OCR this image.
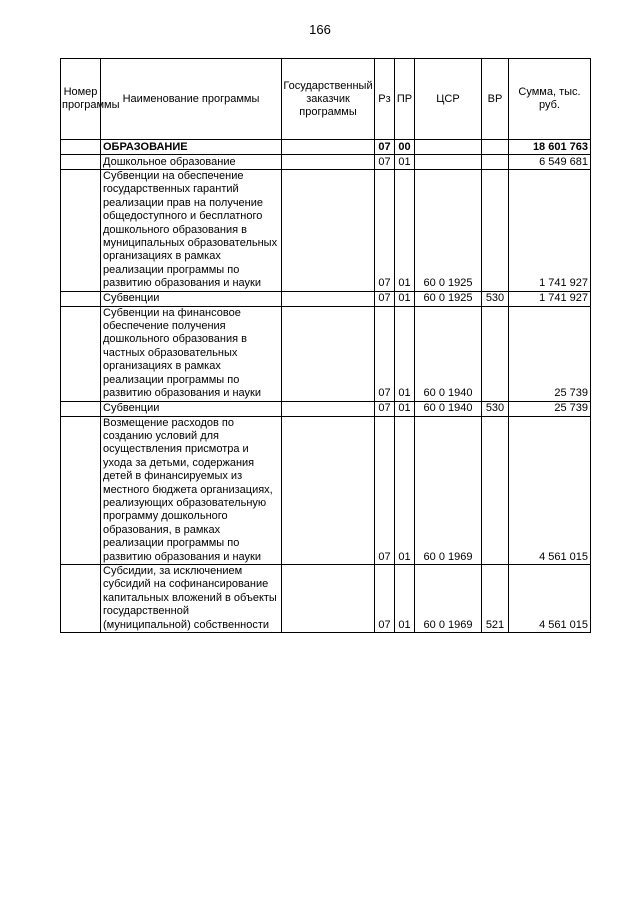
166
Номер программы	Наименование программы	Государственный заказчик программы	Рз	ПР	ЦСР	ВР	Сумма, тыс. руб.
	ОБРАЗОВАНИЕ		07	00			18 601 763
	Дошкольное образование		07	01			6 549 681
	Субвенции на обеспечение государственных гарантий реализации прав на получение общедоступного и бесплатного дошкольного образования в муниципальных образовательных организациях в рамках реализации программы по развитию образования и науки		07	01	60 0 1925		1 741 927
	Субвенции		07	01	60 0 1925	530	1 741 927
	Субвенции на финансовое обеспечение получения дошкольного образования в частных образовательных организациях в рамках реализации программы по развитию образования и науки		07	01	60 0 1940		25 739
	Субвенции		07	01	60 0 1940	530	25 739
	Возмещение расходов по созданию условий для осуществления присмотра и ухода за детьми, содержания детей в финансируемых из местного бюджета организациях, реализующих образовательную программу дошкольного образования, в рамках реализации программы по развитию образования и науки		07	01	60 0 1969		4 561 015
	Субсидии, за исключением субсидий на софинансирование капитальных вложений в объекты государственной (муниципальной) собственности		07	01	60 0 1969	521	4 561 015
